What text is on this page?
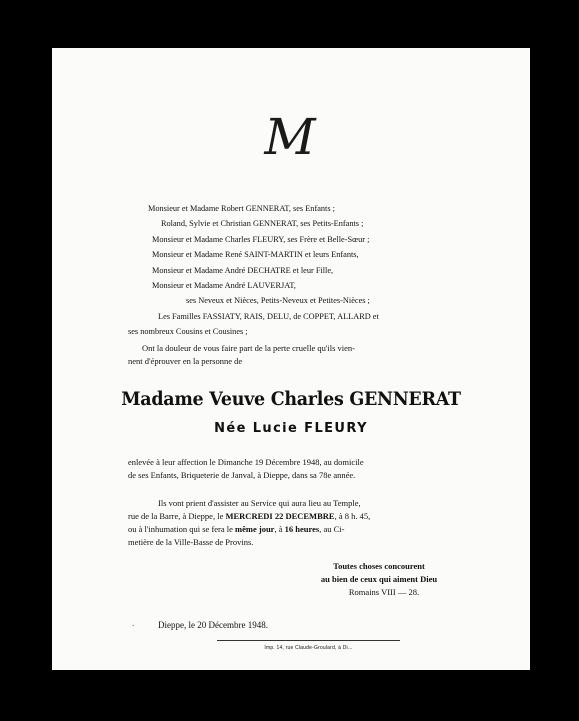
M
Monsieur et Madame Robert GENNERAT, ses Enfants ;
Roland, Sylvie et Christian GENNERAT, ses Petits-Enfants ;
Monsieur et Madame Charles FLEURY, ses Frère et Belle-Sœur ;
Monsieur et Madame René SAINT-MARTIN et leurs Enfants,
Monsieur et Madame André DECHATRE et leur Fille,
Monsieur et Madame André LAUVERJAT,
ses Neveux et Nièces, Petits-Neveux et Petites-Nièces ;
Les Familles FASSIATY, RAIS, DELU, de COPPET, ALLARD et
ses nombreux Cousins et Cousines ;
Ont la douleur de vous faire part de la perte cruelle qu'ils vien-
nent d'éprouver en la personne de
Madame Veuve Charles GENNERAT
Née Lucie FLEURY
enlevée à leur affection le Dimanche 19 Décembre 1948, au domicile
de ses Enfants, Briqueterie de Janval, à Dieppe, dans sa 78e année.
Ils vont prient d'assister au Service qui aura lieu au Temple,
rue de la Barre, à Dieppe, le MERCREDI 22 DECEMBRE, à 8 h. 45,
ou à l'inhumation qui se fera le même jour, à 16 heures, au Ci-
metière de la Ville-Basse de Provins.
Toutes choses concourent
au bien de ceux qui aiment Dieu
Romains VIII — 28.
·	Dieppe, le 20 Décembre 1948.
Imp. 14, rue Claude-Groulard, à Di...
